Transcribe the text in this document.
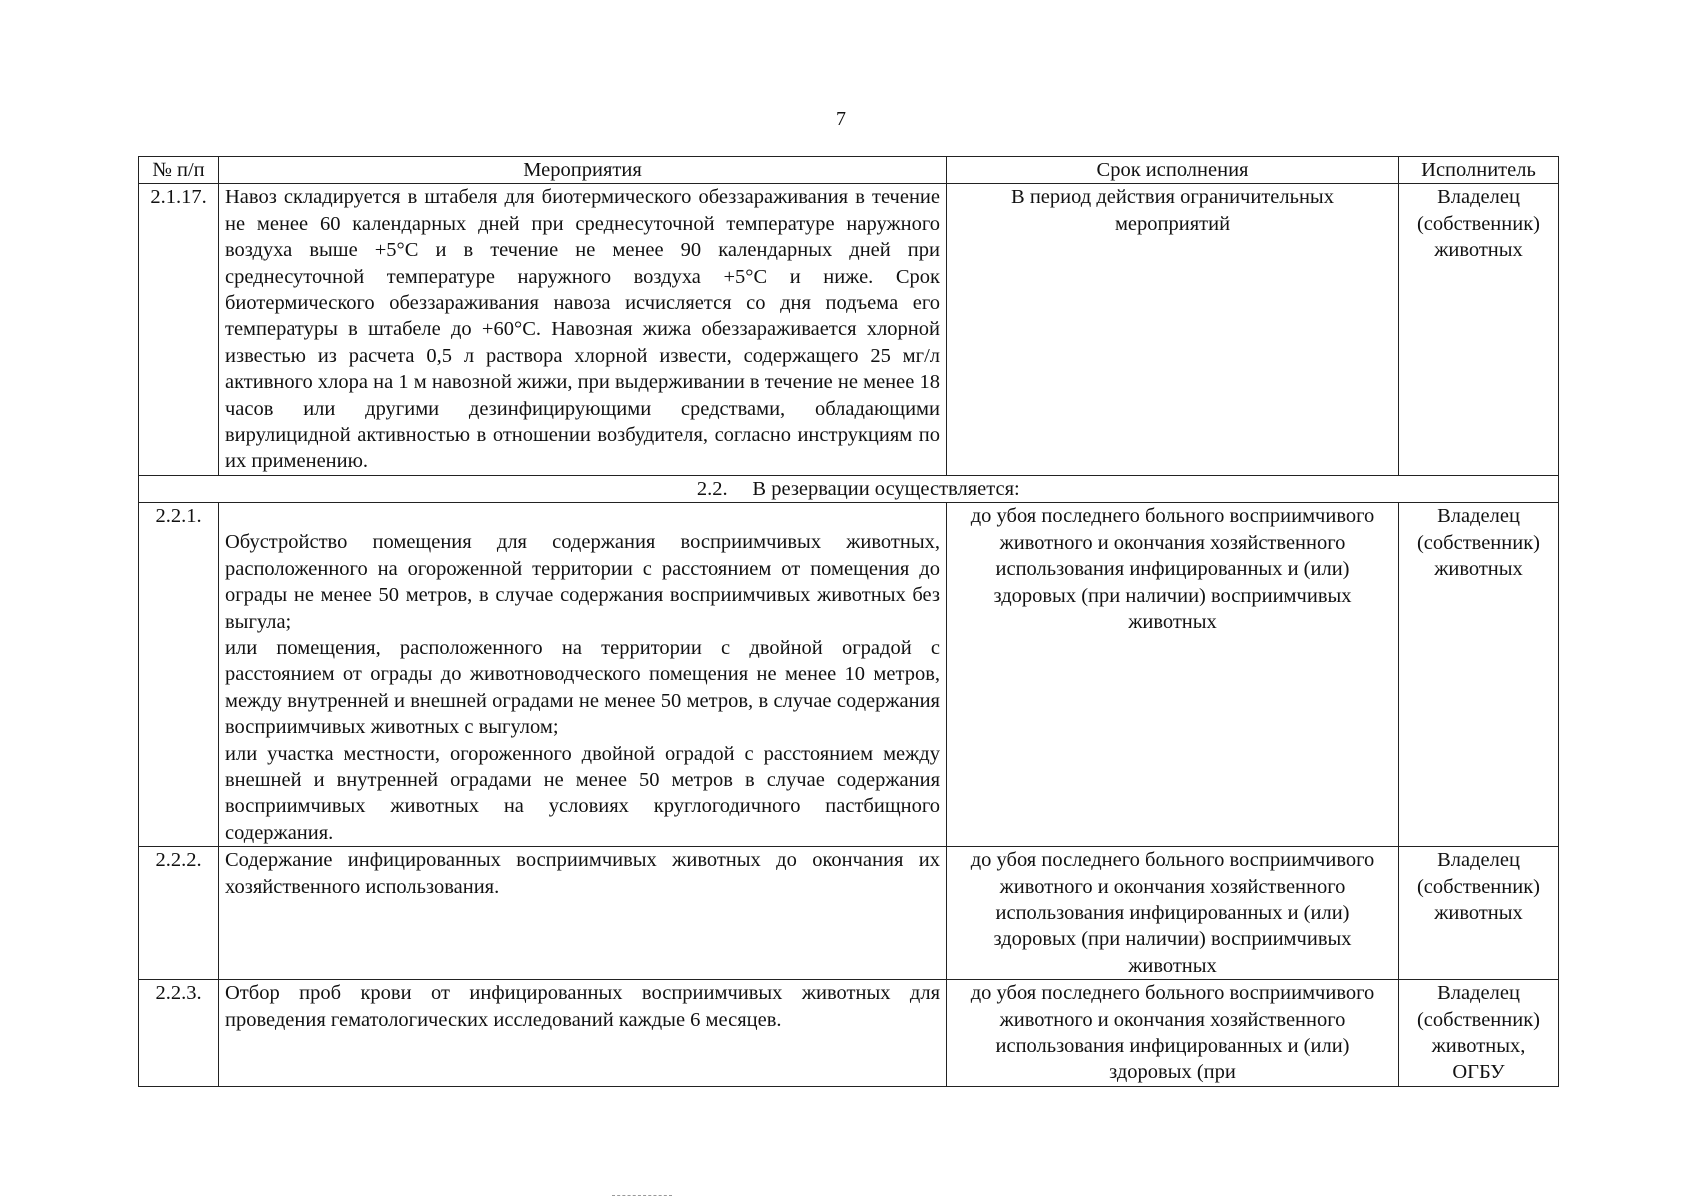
7
№ п/п	Мероприятия	Срок исполнения	Исполнитель
2.1.17.	Навоз складируется в штабеля для биотермического обеззараживания в течение не менее 60 календарных дней при среднесуточной температуре наружного воздуха выше +5°С и в течение не менее 90 календарных дней при среднесуточной температуре наружного воздуха +5°С и ниже. Срок биотермического обеззараживания навоза исчисляется со дня подъема его температуры в штабеле до +60°С. Навозная жижа обеззараживается хлорной известью из расчета 0,5 л раствора хлорной извести, содержащего 25 мг/л активного хлора на 1 м навозной жижи, при выдерживании в течение не менее 18 часов или другими дезинфицирующими средствами, обладающими вирулицидной активностью в отношении возбудителя, согласно инструкциям по их применению.	В период действия ограничительных мероприятий	Владелец (собственник) животных
2.2. В резервации осуществляется:			
2.2.1.	Обустройство помещения для содержания восприимчивых животных, расположенного на огороженной территории с расстоянием от помещения до ограды не менее 50 метров, в случае содержания восприимчивых животных без выгула;

или помещения, расположенного на территории с двойной оградой с расстоянием от ограды до животноводческого помещения не менее 10 метров, между внутренней и внешней оградами не менее 50 метров, в случае содержания восприимчивых животных с выгулом;

или участка местности, огороженного двойной оградой с расстоянием между внешней и внутренней оградами не менее 50 метров в случае содержания восприимчивых животных на условиях круглогодичного пастбищного содержания.	до убоя последнего больного восприимчивого животного и окончания хозяйственного использования инфицированных и (или) здоровых (при наличии) восприимчивых животных	Владелец (собственник) животных
2.2.2.	Содержание инфицированных восприимчивых животных до окончания их хозяйственного использования.	до убоя последнего больного восприимчивого животного и окончания хозяйственного использования инфицированных и (или) здоровых (при наличии) восприимчивых животных	Владелец (собственник) животных
2.2.3.	Отбор проб крови от инфицированных восприимчивых животных для проведения гематологических исследований каждые 6 месяцев.	до убоя последнего больного восприимчивого животного и окончания хозяйственного использования инфицированных и (или) здоровых (при	Владелец (собственник) животных, ОГБУ
